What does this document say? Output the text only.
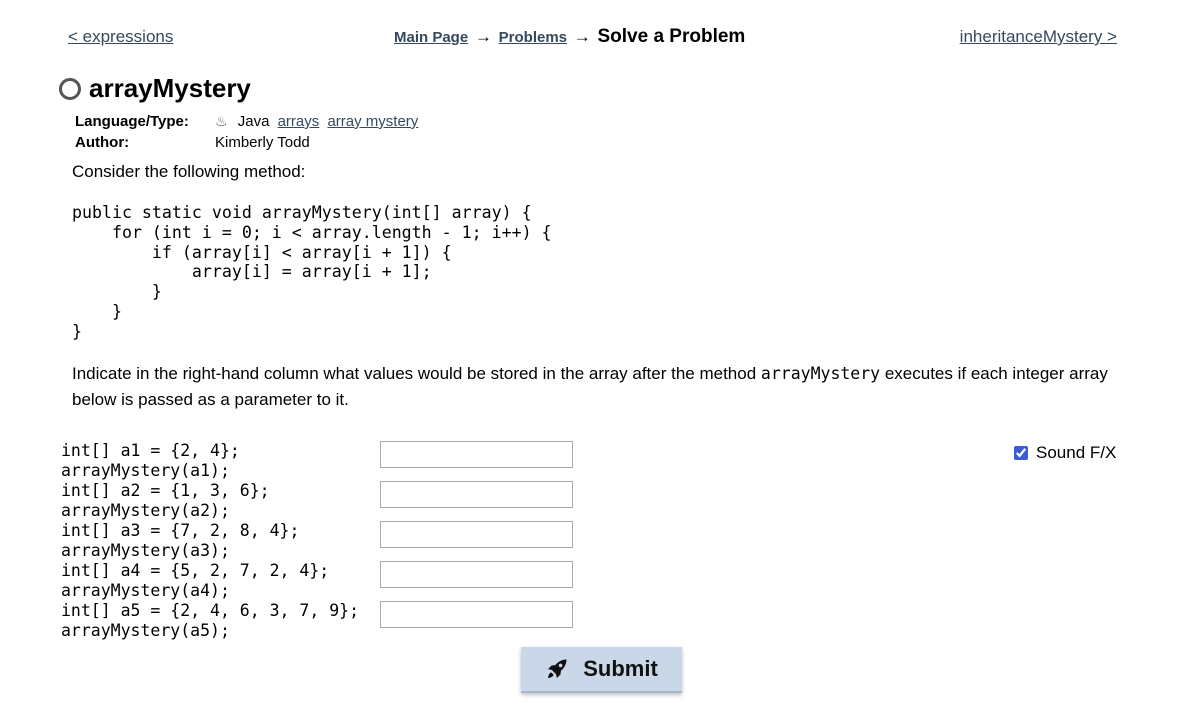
< expressions	Main Page → Problems → Solve a Problem	inheritanceMystery >
arrayMystery
Language/Type:	♨ Java arrays array mystery
Author:	Kimberly Todd
Consider the following method:
public static void arrayMystery(int[] array) {
for (int i = 0; i < array.length - 1; i++) {
if (array[i] < array[i + 1]) {
array[i] = array[i + 1];
}
}
}
Indicate in the right-hand column what values would be stored in the array after the method arrayMystery executes if each integer array below is passed as a parameter to it.
int[] a1 = {2, 4};
arrayMystery(a1);
int[] a2 = {1, 3, 6};
arrayMystery(a2);
int[] a3 = {7, 2, 8, 4};
arrayMystery(a3);
int[] a4 = {5, 2, 7, 2, 4};
arrayMystery(a4);
int[] a5 = {2, 4, 6, 3, 7, 9};
arrayMystery(a5);
Sound F/X
Submit
